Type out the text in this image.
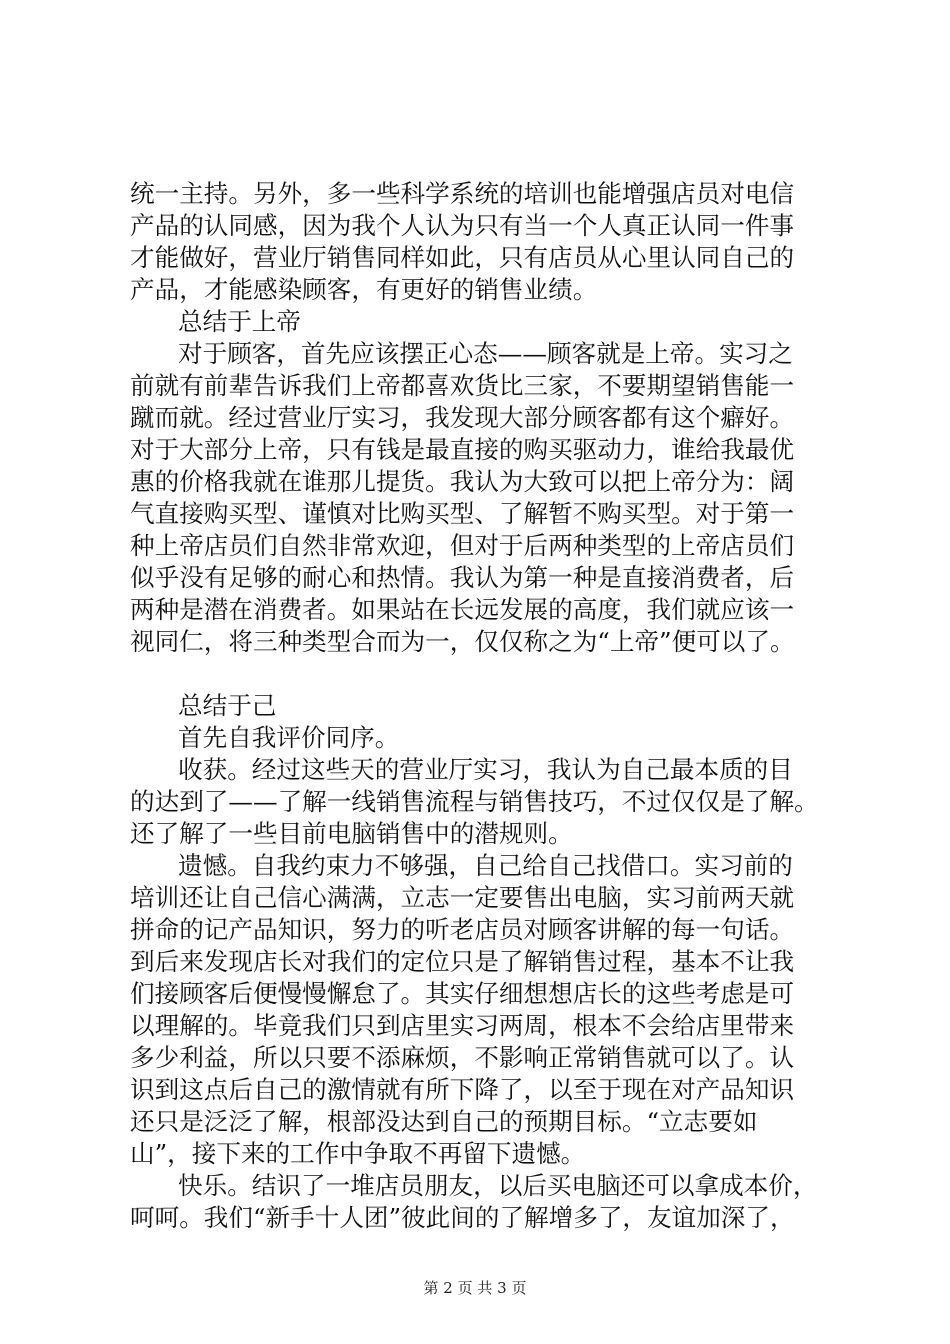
统一主持。另外，多一些科学系统的培训也能增强店员对电信
产品的认同感，因为我个人认为只有当一个人真正认同一件事
才能做好，营业厅销售同样如此，只有店员从心里认同自己的
产品，才能感染顾客，有更好的销售业绩。
总结于上帝
对于顾客，首先应该摆正心态——顾客就是上帝。实习之
前就有前辈告诉我们上帝都喜欢货比三家，不要期望销售能一
蹴而就。经过营业厅实习，我发现大部分顾客都有这个癖好。
对于大部分上帝，只有钱是最直接的购买驱动力，谁给我最优
惠的价格我就在谁那儿提货。我认为大致可以把上帝分为：阔
气直接购买型、谨慎对比购买型、了解暂不购买型。对于第一
种上帝店员们自然非常欢迎，但对于后两种类型的上帝店员们
似乎没有足够的耐心和热情。我认为第一种是直接消费者，后
两种是潜在消费者。如果站在长远发展的高度，我们就应该一
视同仁，将三种类型合而为一，仅仅称之为“上帝”便可以了。
总结于己
首先自我评价同序。
收获。经过这些天的营业厅实习，我认为自己最本质的目
的达到了——了解一线销售流程与销售技巧，不过仅仅是了解。
还了解了一些目前电脑销售中的潜规则。
遗憾。自我约束力不够强，自己给自己找借口。实习前的
培训还让自己信心满满，立志一定要售出电脑，实习前两天就
拼命的记产品知识，努力的听老店员对顾客讲解的每一句话。
到后来发现店长对我们的定位只是了解销售过程，基本不让我
们接顾客后便慢慢懈怠了。其实仔细想想店长的这些考虑是可
以理解的。毕竟我们只到店里实习两周，根本不会给店里带来
多少利益，所以只要不添麻烦，不影响正常销售就可以了。认
识到这点后自己的激情就有所下降了，以至于现在对产品知识
还只是泛泛了解，根部没达到自己的预期目标。“立志要如
山”，接下来的工作中争取不再留下遗憾。
快乐。结识了一堆店员朋友，以后买电脑还可以拿成本价，
呵呵。我们“新手十人团”彼此间的了解增多了，友谊加深了，
第 2 页 共 3 页
